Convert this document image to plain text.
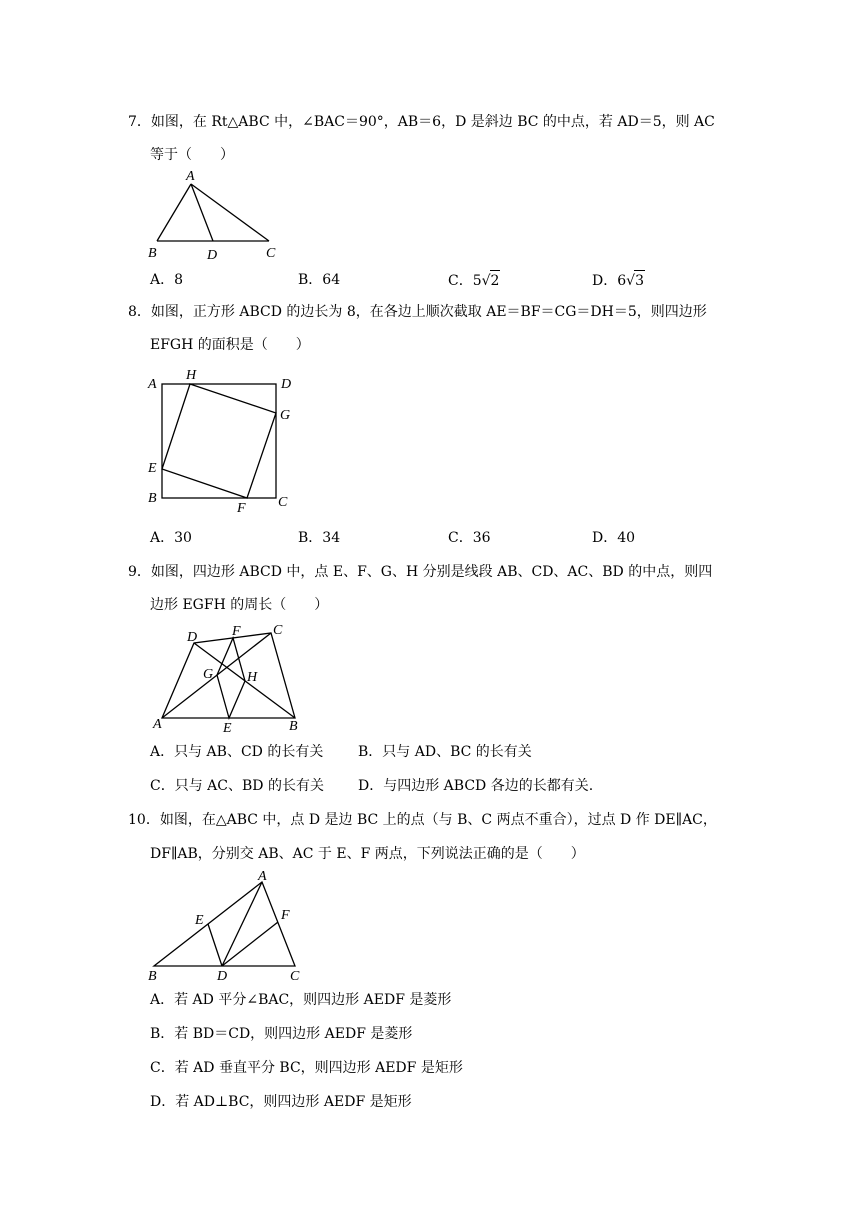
7．如图，在 Rt△ABC 中，∠BAC＝90°，AB＝6，D 是斜边 BC 的中点，若 AD＝5，则 AC
等于（　　）
A
B	D	C
A．8	B．64	C．5√2	D．6√3
8．如图，正方形 ABCD 的边长为 8，在各边上顺次截取 AE＝BF＝CG＝DH＝5，则四边形
EFGH 的面积是（　　）
A
H
D
G
E
B	C
F
A．30	B．34	C．36	D．40
9．如图，四边形 ABCD 中，点 E、F、G、H 分别是线段 AB、CD、AC、BD 的中点，则四
边形 EGFH 的周长（　　）
A	B
C
D
E
F
G H
A．只与 AB、CD 的长有关 B．只与 AD、BC 的长有关
C．只与 AC、BD 的长有关 D．与四边形 ABCD 各边的长都有关.
10．如图，在△ABC 中，点 D 是边 BC 上的点（与 B、C 两点不重合），过点 D 作 DE∥AC，
DF∥AB，分别交 AB、AC 于 E、F 两点，下列说法正确的是（　　）
A
E	F
B	D	C
A．若 AD 平分∠BAC，则四边形 AEDF 是菱形
B．若 BD＝CD，则四边形 AEDF 是菱形
C．若 AD 垂直平分 BC，则四边形 AEDF 是矩形
D．若 AD⊥BC，则四边形 AEDF 是矩形
